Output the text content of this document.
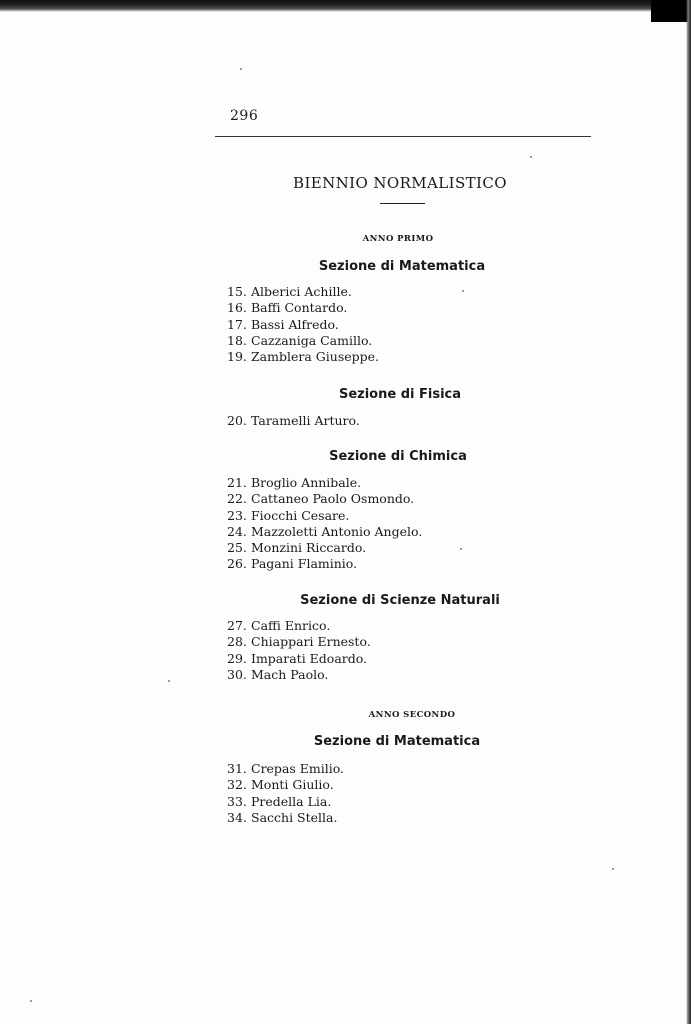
296
BIENNIO NORMALISTICO
ANNO PRIMO
Sezione di Matematica
15. Alberici Achille.
16. Baffi Contardo.
17. Bassi Alfredo.
18. Cazzaniga Camillo.
19. Zamblera Giuseppe.
Sezione di Fisica
20. Taramelli Arturo.
Sezione di Chimica
21. Broglio Annibale.
22. Cattaneo Paolo Osmondo.
23. Fiocchi Cesare.
24. Mazzoletti Antonio Angelo.
25. Monzini Riccardo.
26. Pagani Flaminio.
Sezione di Scienze Naturali
27. Caffi Enrico.
28. Chiappari Ernesto.
29. Imparati Edoardo.
30. Mach Paolo.
ANNO SECONDO
Sezione di Matematica
31. Crepas Emilio.
32. Monti Giulio.
33. Predella Lia.
34. Sacchi Stella.
